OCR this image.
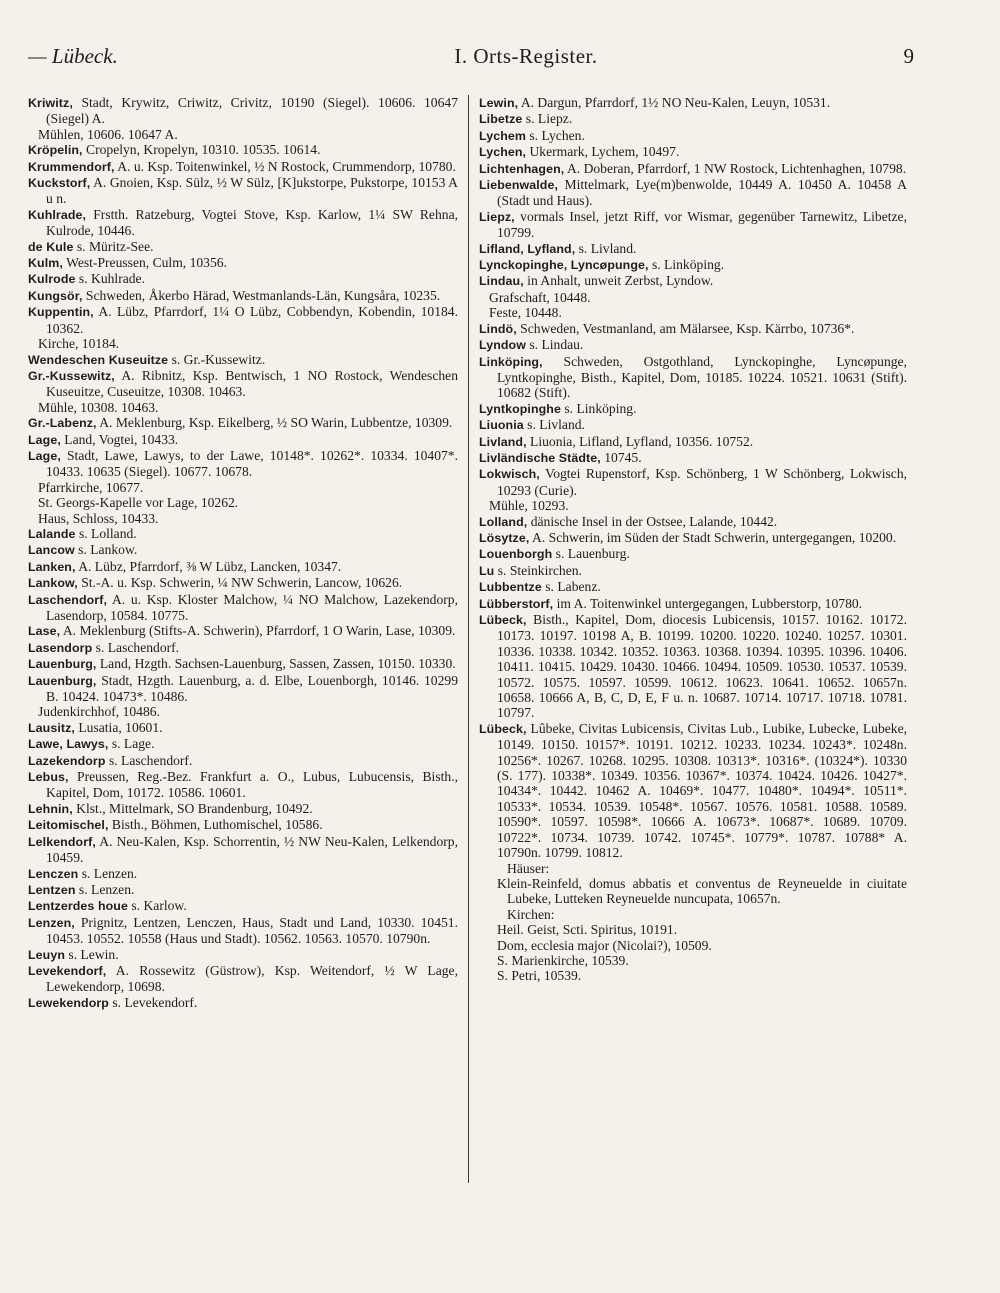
— Lübeck.	I. Orts-Register.	9
Kriwitz, Stadt, Krywitz, Criwitz, Crivitz, 10190 (Siegel). 10606. 10647 (Siegel) A.
Mühlen, 10606. 10647 A.
Kröpelin, Cropelyn, Kropelyn, 10310. 10535. 10614.
Krummendorf, A. u. Ksp. Toitenwinkel, ½ N Rostock, Crummendorp, 10780.
Kuckstorf, A. Gnoien, Ksp. Sülz, ½ W Sülz, [K]ukstorpe, Pukstorpe, 10153 A u n.
Kuhlrade, Frstth. Ratzeburg, Vogtei Stove, Ksp. Karlow, 1¼ SW Rehna, Kulrode, 10446.
de Kule s. Müritz-See.
Kulm, West-Preussen, Culm, 10356.
Kulrode s. Kuhlrade.
Kungsör, Schweden, Åkerbo Härad, Westmanlands-Län, Kungsåra, 10235.
Kuppentin, A. Lübz, Pfarrdorf, 1¼ O Lübz, Cobbendyn, Kobendin, 10184. 10362.
Kirche, 10184.
Wendeschen Kuseuitze s. Gr.-Kussewitz.
Gr.-Kussewitz, A. Ribnitz, Ksp. Bentwisch, 1 NO Rostock, Wendeschen Kuseuitze, Cuseuitze, 10308. 10463.
Mühle, 10308. 10463.
Gr.-Labenz, A. Meklenburg, Ksp. Eikelberg, ½ SO Warin, Lubbentze, 10309.
Lage, Land, Vogtei, 10433.
Lage, Stadt, Lawe, Lawys, to der Lawe, 10148*. 10262*. 10334. 10407*. 10433. 10635 (Siegel). 10677. 10678.
Pfarrkirche, 10677.
St. Georgs-Kapelle vor Lage, 10262.
Haus, Schloss, 10433.
Lalande s. Lolland.
Lancow s. Lankow.
Lanken, A. Lübz, Pfarrdorf, ⅜ W Lübz, Lancken, 10347.
Lankow, St.-A. u. Ksp. Schwerin, ¼ NW Schwerin, Lancow, 10626.
Laschendorf, A. u. Ksp. Kloster Malchow, ¼ NO Malchow, Lazekendorp, Lasendorp, 10584. 10775.
Lase, A. Meklenburg (Stifts-A. Schwerin), Pfarrdorf, 1 O Warin, Lase, 10309.
Lasendorp s. Laschendorf.
Lauenburg, Land, Hzgth. Sachsen-Lauenburg, Sassen, Zassen, 10150. 10330.
Lauenburg, Stadt, Hzgth. Lauenburg, a. d. Elbe, Louenborgh, 10146. 10299 B. 10424. 10473*. 10486.
Judenkirchhof, 10486.
Lausitz, Lusatia, 10601.
Lawe, Lawys, s. Lage.
Lazekendorp s. Laschendorf.
Lebus, Preussen, Reg.-Bez. Frankfurt a. O., Lubus, Lubucensis, Bisth., Kapitel, Dom, 10172. 10586. 10601.
Lehnin, Klst., Mittelmark, SO Brandenburg, 10492.
Leitomischel, Bisth., Böhmen, Luthomischel, 10586.
Lelkendorf, A. Neu-Kalen, Ksp. Schorrentin, ½ NW Neu-Kalen, Lelkendorp, 10459.
Lenczen s. Lenzen.
Lentzen s. Lenzen.
Lentzerdes houe s. Karlow.
Lenzen, Prignitz, Lentzen, Lenczen, Haus, Stadt und Land, 10330. 10451. 10453. 10552. 10558 (Haus und Stadt). 10562. 10563. 10570. 10790n.
Leuyn s. Lewin.
Levekendorf, A. Rossewitz (Güstrow), Ksp. Weitendorf, ½ W Lage, Lewekendorp, 10698.
Lewekendorp s. Levekendorf.
Lewin, A. Dargun, Pfarrdorf, 1½ NO Neu-Kalen, Leuyn, 10531.
Libetze s. Liepz.
Lychem s. Lychen.
Lychen, Ukermark, Lychem, 10497.
Lichtenhagen, A. Doberan, Pfarrdorf, 1 NW Rostock, Lichtenhaghen, 10798.
Liebenwalde, Mittelmark, Lye(m)benwolde, 10449 A. 10450 A. 10458 A (Stadt und Haus).
Liepz, vormals Insel, jetzt Riff, vor Wismar, gegenüber Tarnewitz, Libetze, 10799.
Lifland, Lyfland, s. Livland.
Lynckopinghe, Lyncøpunge, s. Linköping.
Lindau, in Anhalt, unweit Zerbst, Lyndow.
Grafschaft, 10448.
Feste, 10448.
Lindö, Schweden, Vestmanland, am Mälarsee, Ksp. Kärrbo, 10736*.
Lyndow s. Lindau.
Linköping, Schweden, Ostgothland, Lynckopinghe, Lyncøpunge, Lyntkopinghe, Bisth., Kapitel, Dom, 10185. 10224. 10521. 10631 (Stift). 10682 (Stift).
Lyntkopinghe s. Linköping.
Liuonia s. Livland.
Livland, Liuonia, Lifland, Lyfland, 10356. 10752.
Livländische Städte, 10745.
Lokwisch, Vogtei Rupenstorf, Ksp. Schönberg, 1 W Schönberg, Lokwisch, 10293 (Curie).
Mühle, 10293.
Lolland, dänische Insel in der Ostsee, Lalande, 10442.
Lösytze, A. Schwerin, im Süden der Stadt Schwerin, untergegangen, 10200.
Louenborgh s. Lauenburg.
Lu s. Steinkirchen.
Lubbentze s. Labenz.
Lübberstorf, im A. Toitenwinkel untergegangen, Lubberstorp, 10780.
Lübeck, Bisth., Kapitel, Dom, diocesis Lubicensis, 10157. 10162. 10172. 10173. 10197. 10198 A, B. 10199. 10200. 10220. 10240. 10257. 10301. 10336. 10338. 10342. 10352. 10363. 10368. 10394. 10395. 10396. 10406. 10411. 10415. 10429. 10430. 10466. 10494. 10509. 10530. 10537. 10539. 10572. 10575. 10597. 10599. 10612. 10623. 10641. 10652. 10657n. 10658. 10666 A, B, C, D, E, F u. n. 10687. 10714. 10717. 10718. 10781. 10797.
Lübeck, Lûbeke, Civitas Lubicensis, Civitas Lub., Lubike, Lubecke, Lubeke, 10149. 10150. 10157*. 10191. 10212. 10233. 10234. 10243*. 10248n. 10256*. 10267. 10268. 10295. 10308. 10313*. 10316*. (10324*). 10330 (S. 177). 10338*. 10349. 10356. 10367*. 10374. 10424. 10426. 10427*. 10434*. 10442. 10462 A. 10469*. 10477. 10480*. 10494*. 10511*. 10533*. 10534. 10539. 10548*. 10567. 10576. 10581. 10588. 10589. 10590*. 10597. 10598*. 10666 A. 10673*. 10687*. 10689. 10709. 10722*. 10734. 10739. 10742. 10745*. 10779*. 10787. 10788* A. 10790n. 10799. 10812.
Häuser:
Klein-Reinfeld, domus abbatis et conventus de Reyneuelde in ciuitate Lubeke, Lutteken Reyneuelde nuncupata, 10657n.
Kirchen:
Heil. Geist, Scti. Spiritus, 10191.
Dom, ecclesia major (Nicolai?), 10509.
S. Marienkirche, 10539.
S. Petri, 10539.
